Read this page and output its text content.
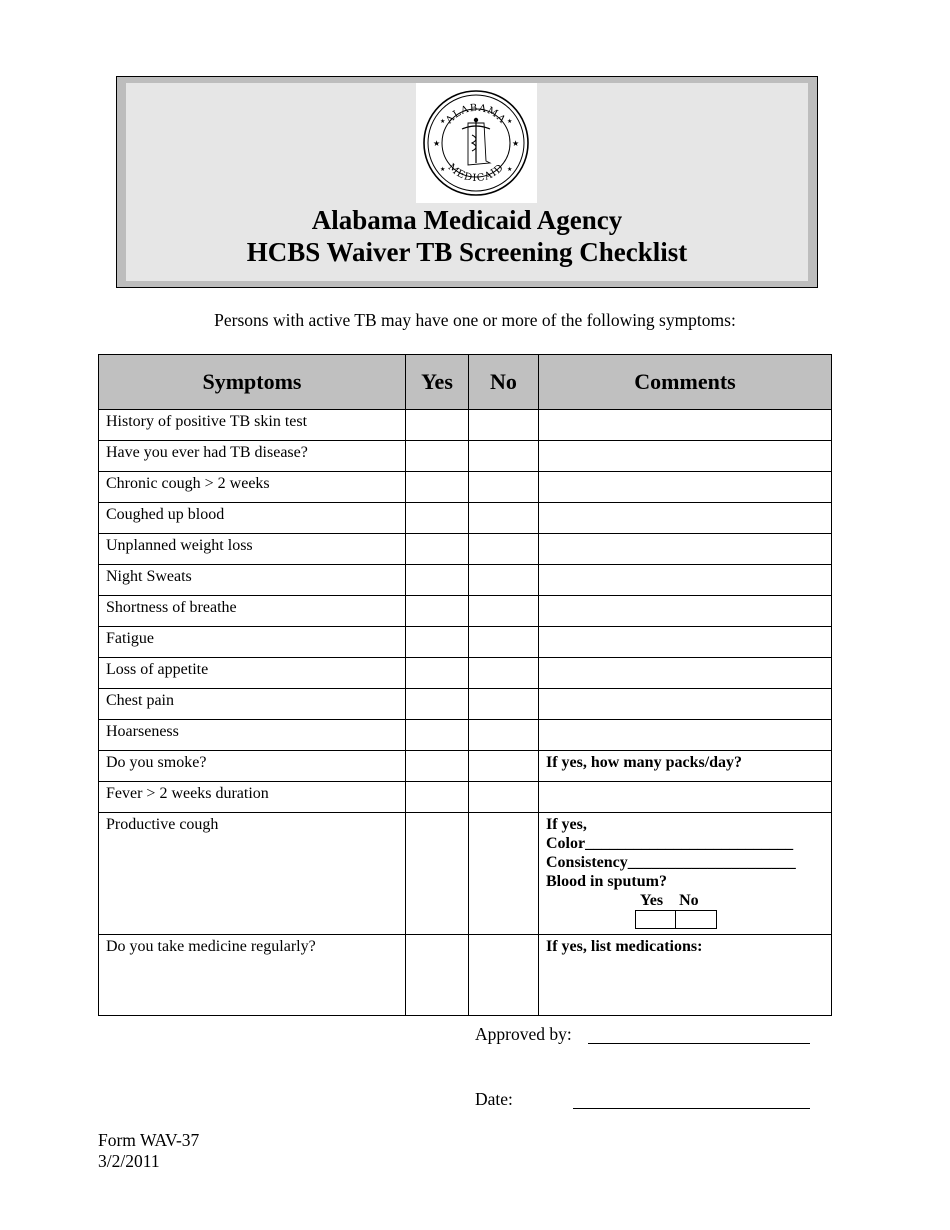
ALABAMA
MEDICAID
★	★
★	★
★	★
Alabama Medicaid Agency
HCBS Waiver TB Screening Checklist
Persons with active TB may have one or more of the following symptoms:
Symptoms	Yes	No	Comments
History of positive TB skin test			
Have you ever had TB disease?			
Chronic cough > 2 weeks			
Coughed up blood			
Unplanned weight loss			
Night Sweats			
Shortness of breathe			
Fatigue			
Loss of appetite			
Chest pain			
Hoarseness			
Do you smoke?			If yes, how many packs/day?
Fever > 2 weeks duration			
Productive cough			If yes,
Color__________________________
Consistency_____________________
Blood in sputum?
Yes No

Do you take medicine regularly?			If yes, list medications:
Approved by:
Date:
Form WAV-37
3/2/2011
